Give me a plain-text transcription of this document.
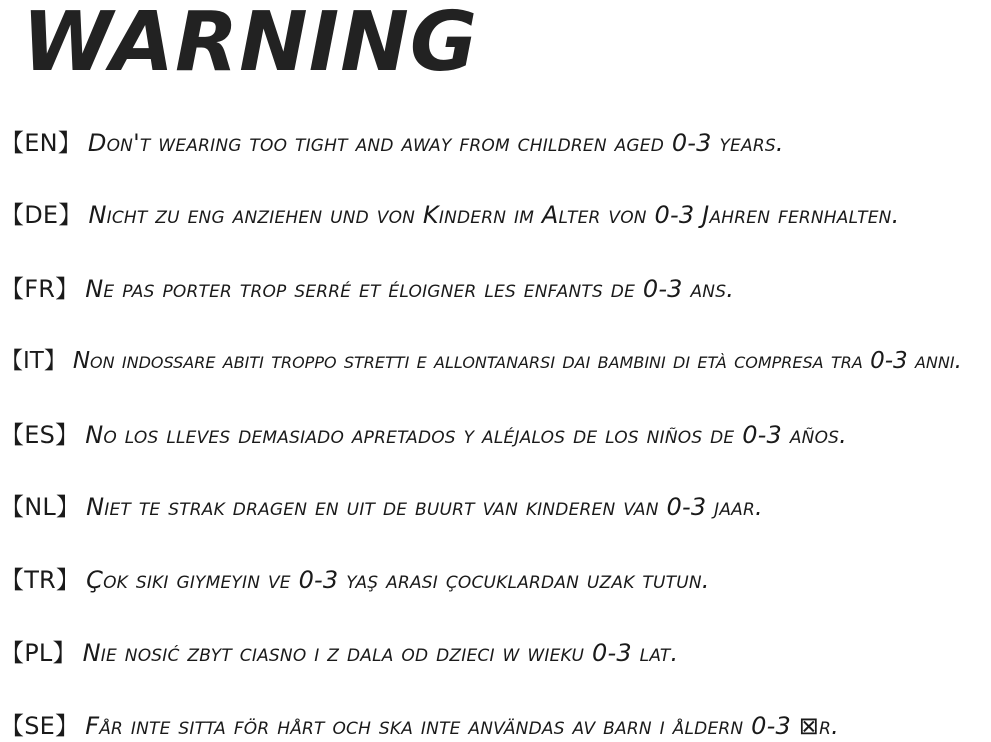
WARNING
【EN】 Don't wearing too tight and away from children aged 0-3 years.
【DE】 Nicht zu eng anziehen und von Kindern im Alter von 0-3 Jahren fernhalten.
【FR】 Ne pas porter trop serré et éloigner les enfants de 0-3 ans.
【IT】 Non indossare abiti troppo stretti e allontanarsi dai bambini di età compresa tra 0-3 anni.
【ES】 No los lleves demasiado apretados y aléjalos de los niños de 0-3 años.
【NL】 Niet te strak dragen en uit de buurt van kinderen van 0-3 jaar.
【TR】 Çok sıkı giymeyin ve 0-3 yaş arası çocuklardan uzak tutun.
【PL】 Nie nosić zbyt ciasno i z dala od dzieci w wieku 0-3 lat.
【SE】 Får inte sitta för hårt och ska inte användas av barn i åldern 0-3 ⊠r.
